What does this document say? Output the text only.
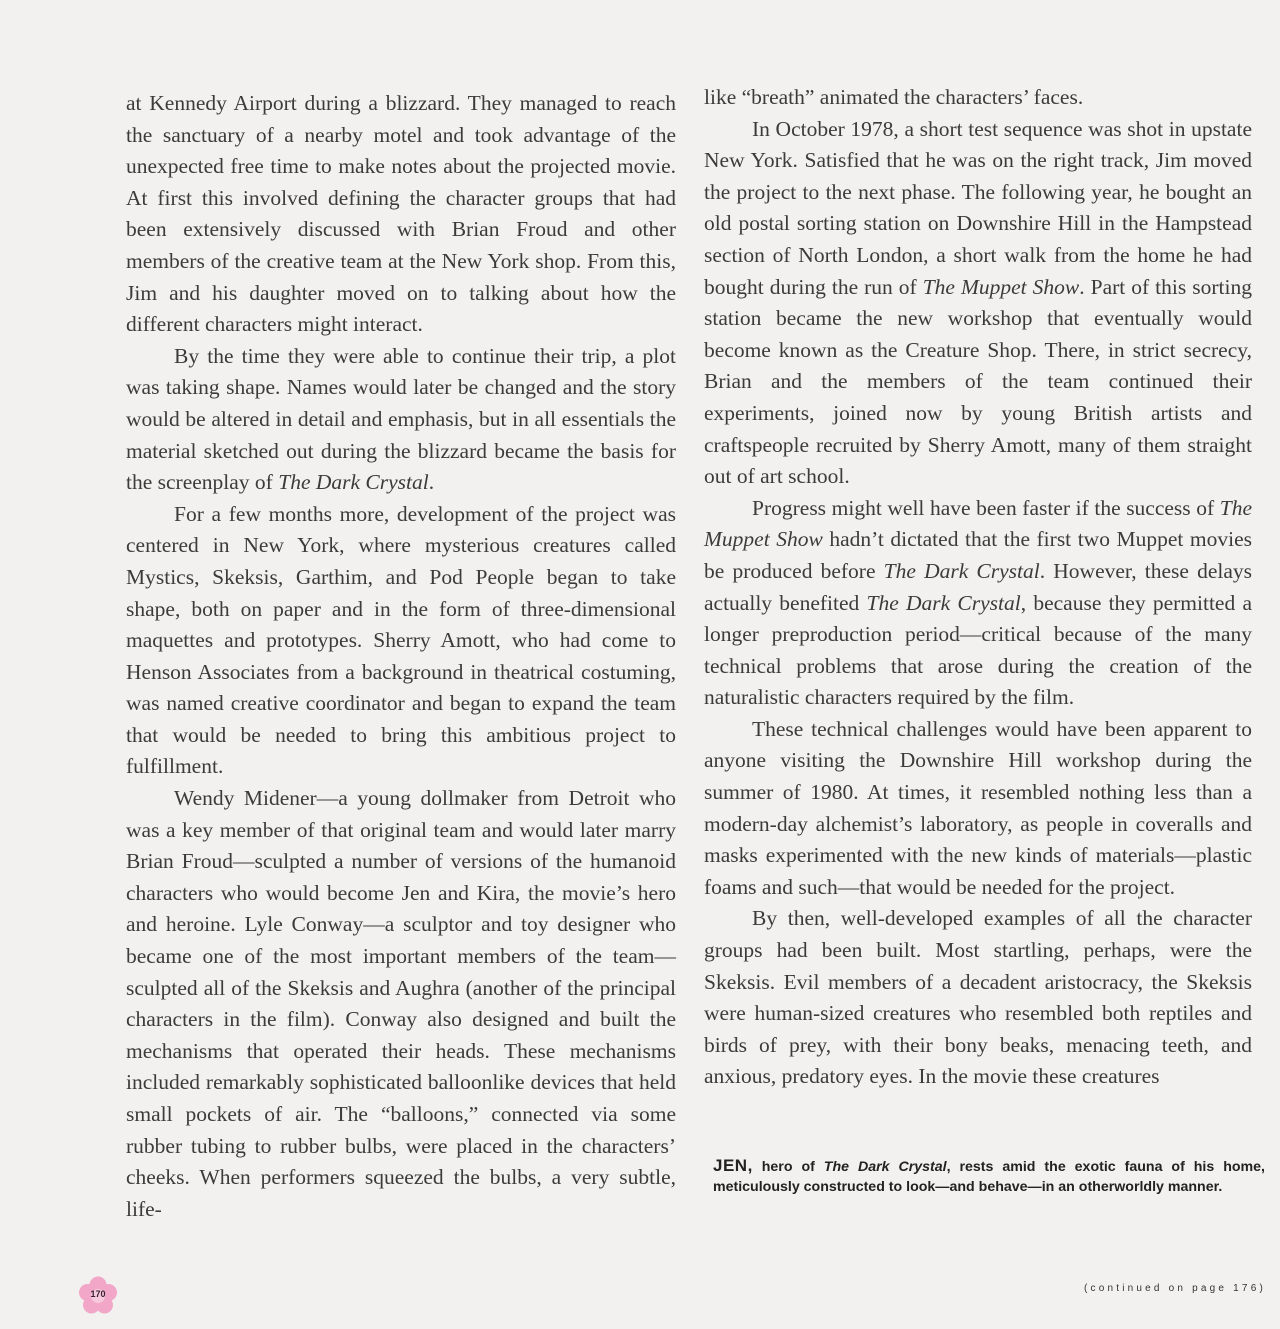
at Kennedy Airport during a blizzard. They managed to reach the sanctuary of a nearby motel and took advantage of the unexpected free time to make notes about the projected movie. At first this involved defining the character groups that had been extensively discussed with Brian Froud and other members of the creative team at the New York shop. From this, Jim and his daughter moved on to talking about how the different characters might interact.

By the time they were able to continue their trip, a plot was taking shape. Names would later be changed and the story would be altered in detail and emphasis, but in all essentials the material sketched out during the blizzard became the basis for the screenplay of The Dark Crystal.

For a few months more, development of the project was centered in New York, where mysterious creatures called Mystics, Skeksis, Garthim, and Pod People began to take shape, both on paper and in the form of three-dimensional maquettes and prototypes. Sherry Amott, who had come to Henson Associates from a background in theatrical costuming, was named creative coordinator and began to expand the team that would be needed to bring this ambitious project to fulfillment.

Wendy Midener—a young dollmaker from Detroit who was a key member of that original team and would later marry Brian Froud—sculpted a number of versions of the humanoid characters who would become Jen and Kira, the movie’s hero and heroine. Lyle Conway—a sculptor and toy designer who became one of the most important members of the team—sculpted all of the Skeksis and Aughra (another of the principal characters in the film). Conway also designed and built the mechanisms that operated their heads. These mechanisms included remarkably sophisticated balloonlike devices that held small pockets of air. The “balloons,” connected via some rubber tubing to rubber bulbs, were placed in the characters’ cheeks. When performers squeezed the bulbs, a very subtle, life-

like “breath” animated the characters’ faces.

In October 1978, a short test sequence was shot in upstate New York. Satisfied that he was on the right track, Jim moved the project to the next phase. The following year, he bought an old postal sorting station on Downshire Hill in the Hampstead section of North London, a short walk from the home he had bought during the run of The Muppet Show. Part of this sorting station became the new workshop that eventually would become known as the Creature Shop. There, in strict secrecy, Brian and the members of the team continued their experiments, joined now by young British artists and craftspeople recruited by Sherry Amott, many of them straight out of art school.

Progress might well have been faster if the success of The Muppet Show hadn’t dictated that the first two Muppet movies be produced before The Dark Crystal. However, these delays actually benefited The Dark Crystal, because they permitted a longer preproduction period—critical because of the many technical problems that arose during the creation of the naturalistic characters required by the film.

These technical challenges would have been apparent to anyone visiting the Downshire Hill workshop during the summer of 1980. At times, it resembled nothing less than a modern-day alchemist’s laboratory, as people in coveralls and masks experimented with the new kinds of materials—plastic foams and such—that would be needed for the project.

By then, well-developed examples of all the character groups had been built. Most startling, perhaps, were the Skeksis. Evil members of a decadent aristocracy, the Skeksis were human-sized creatures who resembled both reptiles and birds of prey, with their bony beaks, menacing teeth, and anxious, predatory eyes. In the movie these creatures

JEN, hero of The Dark Crystal, rests amid the exotic fauna of his home, meticulously constructed to look—and behave—in an otherworldly manner.
(continued on page 176)
170
